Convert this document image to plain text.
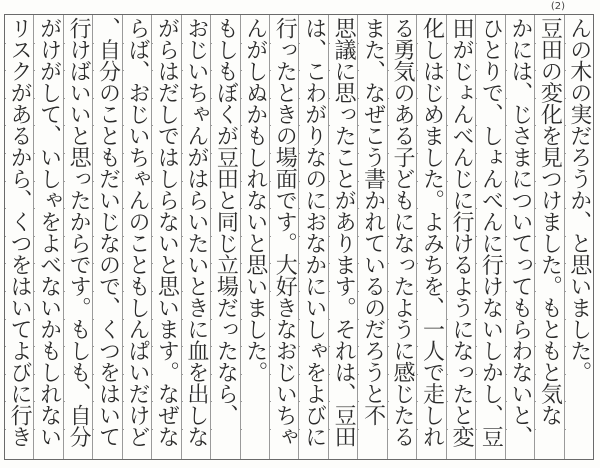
(2)
んの木の実だろうか、と思いました。
豆田の変化を見つけました。もともと気な
かには、じさまについてってもらわないと、
ひとりで、しょんべんに行けないしかし、豆
田がじょんべんじに行けるようになったと変
化しはじめました。よみちを、一人で走しれ
る勇気のある子どもになったように感じたる
また、なぜこう書かれているのだろうと不
思議に思ったことがあります。それは、豆田
は、こわがりなのにおなかにいしゃをよびに
行ったときの場面です。大好きなおじいちゃ
んがしぬかもしれないと思いました。
もしもぼくが豆田と同じ立場だったなら、
おじいちゃんがはらいたいときに血を出しな
がらはだしではしらないと思います。なぜな
らば、おじいちゃんのこともしんぱいだけど
、自分のこともだいじなので、くつをはいて
行けばいいと思ったからです。もしも、自分
がけがして、いしゃをよべないかもしれない
リスクがあるから、くつをはいてよびに行き
